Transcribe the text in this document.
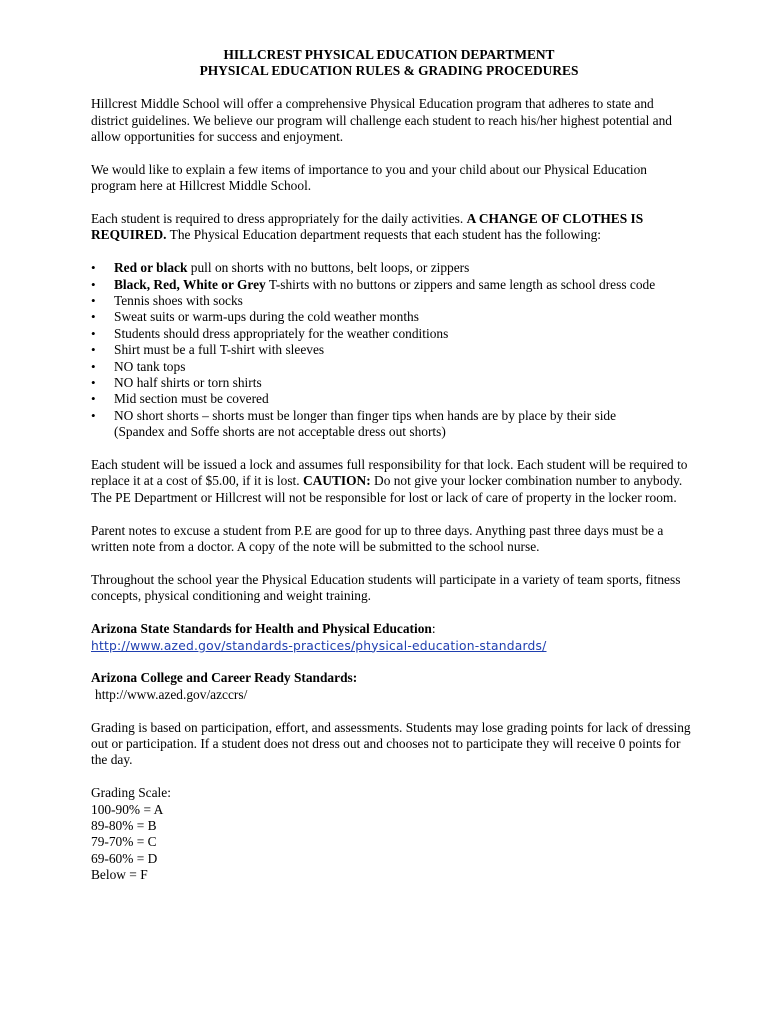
HILLCREST PHYSICAL EDUCATION DEPARTMENT
PHYSICAL EDUCATION RULES & GRADING PROCEDURES

Hillcrest Middle School will offer a comprehensive Physical Education program that adheres to state and district guidelines. We believe our program will challenge each student to reach his/her highest potential and allow opportunities for success and enjoyment.

We would like to explain a few items of importance to you and your child about our Physical Education program here at Hillcrest Middle School.

Each student is required to dress appropriately for the daily activities. A CHANGE OF CLOTHES IS REQUIRED. The Physical Education department requests that each student has the following:

•	Red or black pull on shorts with no buttons, belt loops, or zippers
•	Black, Red, White or Grey T-shirts with no buttons or zippers and same length as school dress code
•	Tennis shoes with socks
•	Sweat suits or warm-ups during the cold weather months
•	Students should dress appropriately for the weather conditions
•	Shirt must be a full T-shirt with sleeves
•	NO tank tops
•	NO half shirts or torn shirts
•	Mid section must be covered
•	NO short shorts – shorts must be longer than finger tips when hands are by place by their side
(Spandex and Soffe shorts are not acceptable dress out shorts)

Each student will be issued a lock and assumes full responsibility for that lock. Each student will be required to replace it at a cost of $5.00, if it is lost. CAUTION: Do not give your locker combination number to anybody. The PE Department or Hillcrest will not be responsible for lost or lack of care of property in the locker room.

Parent notes to excuse a student from P.E are good for up to three days. Anything past three days must be a written note from a doctor. A copy of the note will be submitted to the school nurse.

Throughout the school year the Physical Education students will participate in a variety of team sports, fitness concepts, physical conditioning and weight training.

Arizona State Standards for Health and Physical Education:
http://www.azed.gov/standards-practices/physical-education-standards/

Arizona College and Career Ready Standards:
http://www.azed.gov/azccrs/

Grading is based on participation, effort, and assessments. Students may lose grading points for lack of dressing out or participation. If a student does not dress out and chooses not to participate they will receive 0 points for the day.

Grading Scale:
100-90% = A
89-80% = B
79-70% = C
69-60% = D
Below = F
